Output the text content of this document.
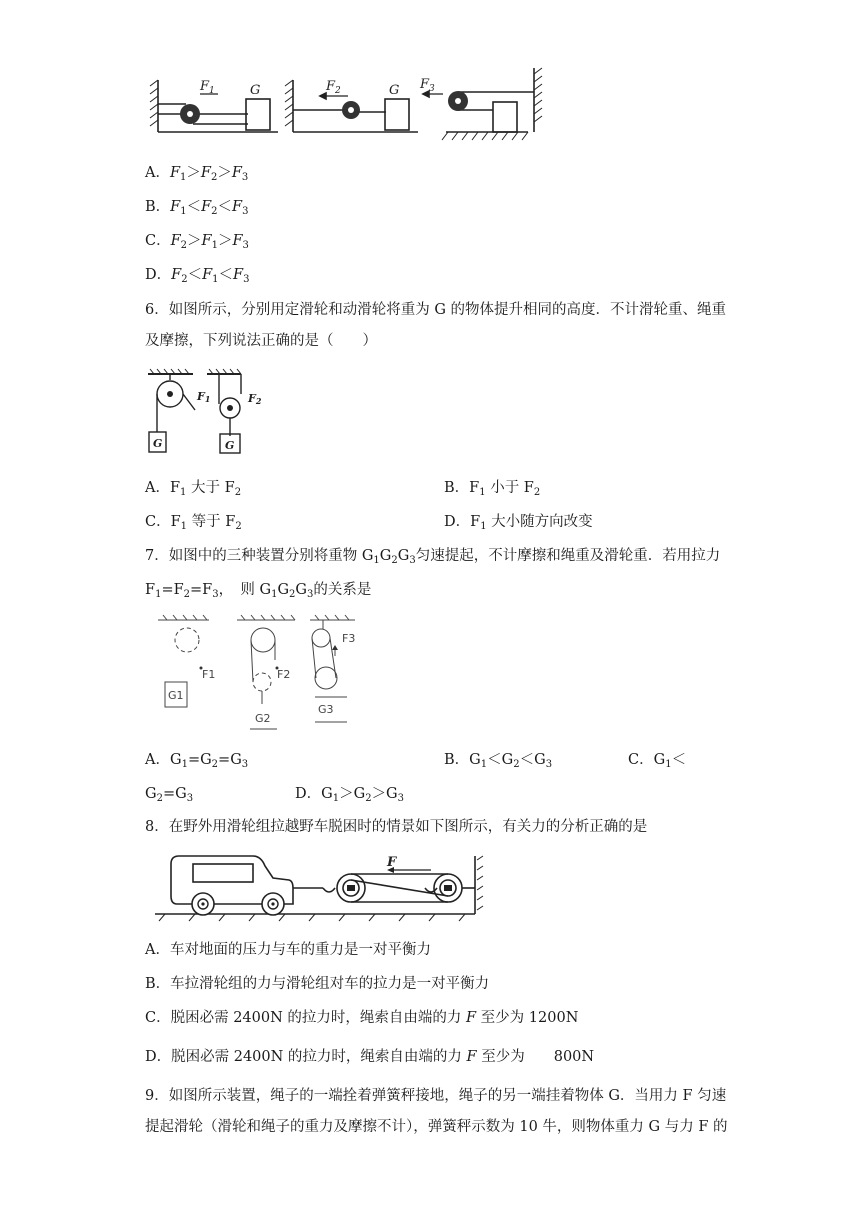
$F_1$	G	$F_2$	G $F_3$
A．$F_1>F_2>F_3$
B．$F_1<F_2<F_3$
C．$F_2>F_1>F_3$
D．$F_2<F_1<F_3$
6．如图所示，分别用定滑轮和动滑轮将重为 G 的物体提升相同的高度．不计滑轮重、绳重
及摩擦，下列说法正确的是（　　）
F1	F2
G	G
A．$F_1$ 大于 $F_2$	B．$F_1$ 小于 $F_2$
C．$F_1$ 等于 $F_2$	D．$F_1$ 大小随方向改变
7．如图中的三种装置分别将重物 $G_1G_2G_3$匀速提起，不计摩擦和绳重及滑轮重．若用拉力
$F_1=F_2=F_3$，　则 $G_1G_2G_3$的关系是
F1	F2
F3
G1
G2
G3
A．$G_1=G_2=G_3$	B．$G_1<G_2<G_3$	C．$G_1<$
$G_2=G_3$	D．$G_1>G_2>G_3$
8．在野外用滑轮组拉越野车脱困时的情景如下图所示，有关力的分析正确的是
F
A．车对地面的压力与车的重力是一对平衡力
B．车拉滑轮组的力与滑轮组对车的拉力是一对平衡力
C．脱困必需 2400N 的拉力时，绳索自由端的力 F 至少为 1200N
D．脱困必需 2400N 的拉力时，绳索自由端的力 F 至少为　　800N
9．如图所示装置，绳子的一端拴着弹簧秤接地，绳子的另一端挂着物体 G．当用力 F 匀速
提起滑轮（滑轮和绳子的重力及摩擦不计），弹簧秤示数为 10 牛，则物体重力 G 与力 F 的
